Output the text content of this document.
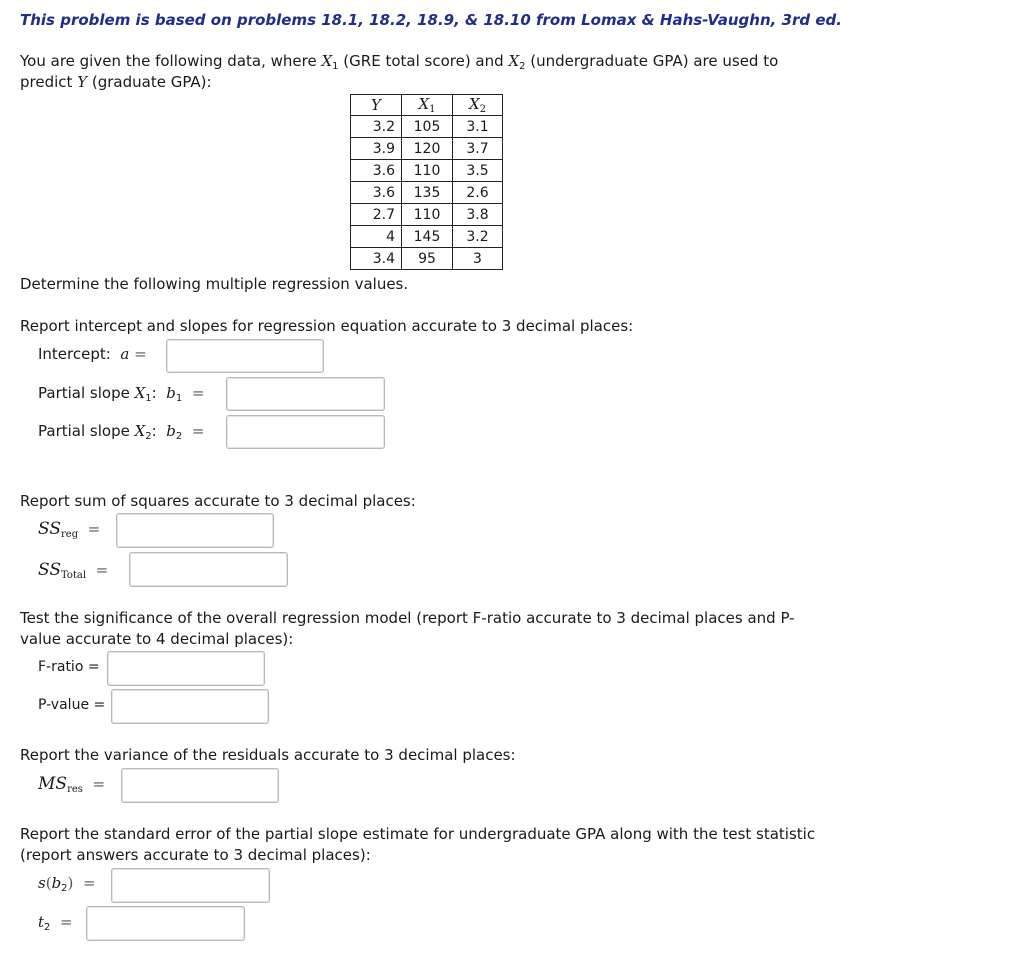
This problem is based on problems 18.1, 18.2, 18.9, & 18.10 from Lomax & Hahs-Vaughn, 3rd ed.
You are given the following data, where $X_1$ (GRE total score) and $X_2$ (undergraduate GPA) are used to
predict Y (graduate GPA):
Y	$X_1$	$X_2$
3.2	105	3.1
3.9	120	3.7
3.6	110	3.5
3.6	135	2.6
2.7	110	3.8
4	145	3.2
3.4	95	3
Determine the following multiple regression values.
Report intercept and slopes for regression equation accurate to 3 decimal places:
Intercept: a =
Partial slope $X_1$: $b_1$ =
Partial slope $X_2$: $b_2$ =
Report sum of squares accurate to 3 decimal places:
$SS_{reg}$ =
$SS_{Total}$ =
Test the significance of the overall regression model (report F-ratio accurate to 3 decimal places and P-
value accurate to 4 decimal places):
F-ratio =
P-value =
Report the variance of the residuals accurate to 3 decimal places:
$MS_{res}$ =
Report the standard error of the partial slope estimate for undergraduate GPA along with the test statistic
(report answers accurate to 3 decimal places):
$s(b_2)$ =
$t_2$ =
